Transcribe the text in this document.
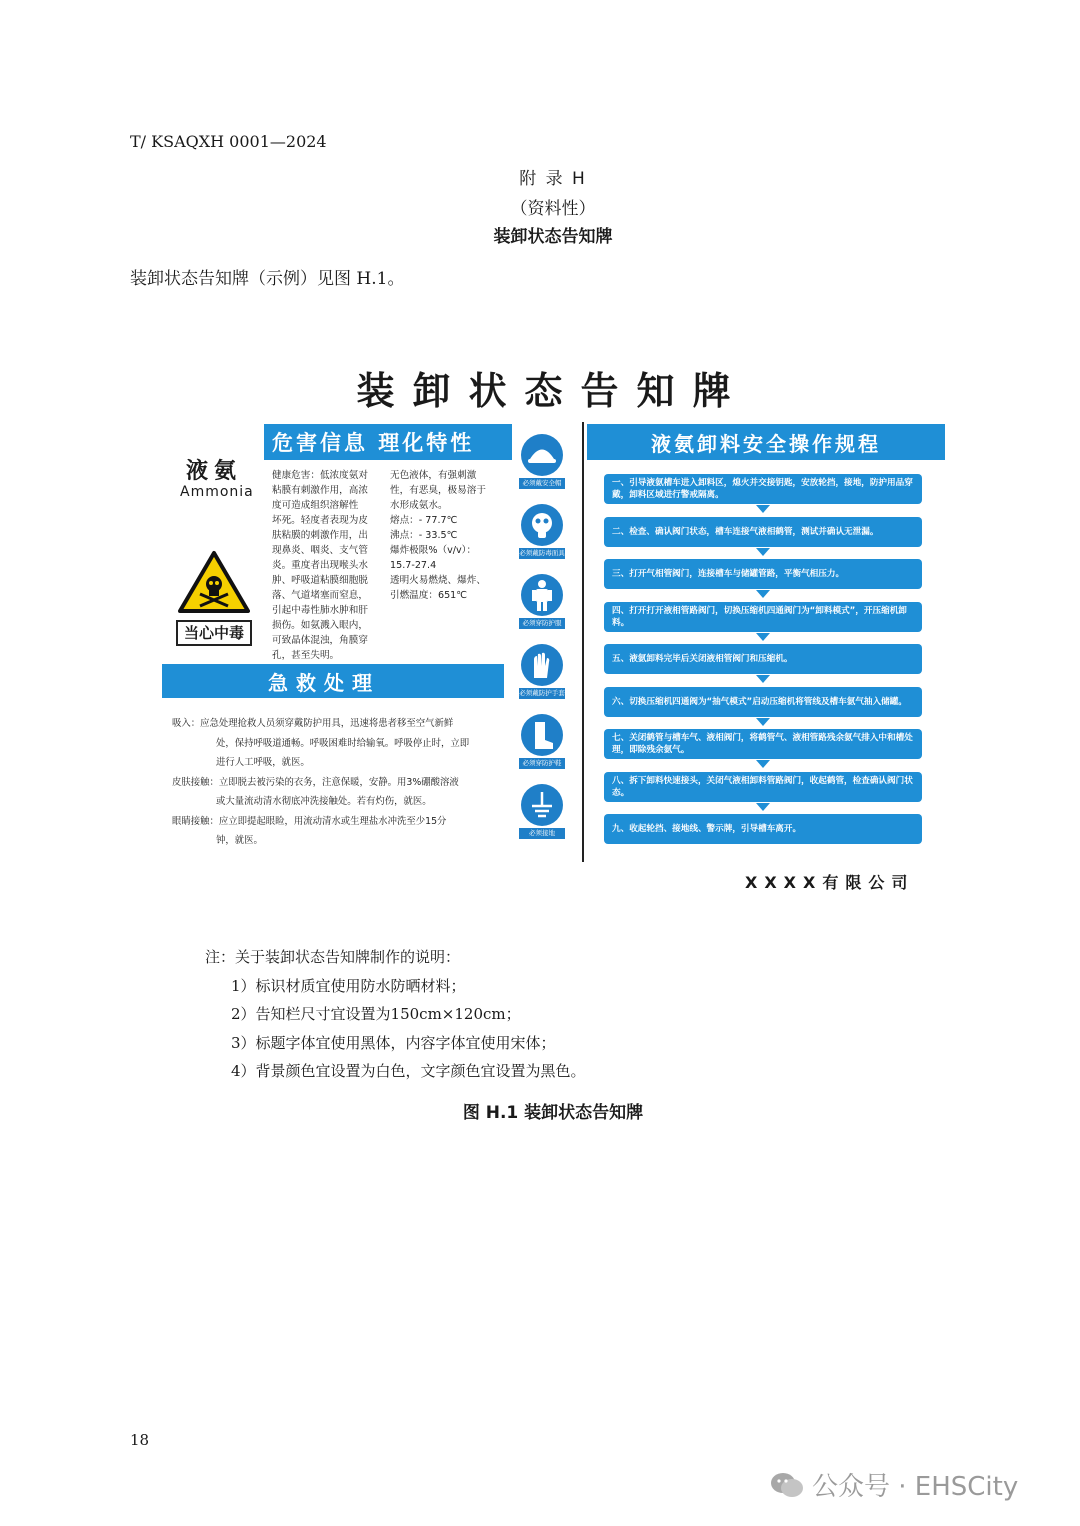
T/ KSAQXH 0001—2024
附 录 H
（资料性）
装卸状态告知牌
装卸状态告知牌（示例）见图 H.1。
装卸状态告知牌
液氨
Ammonia
当心中毒
危害信息 理化特性
健康危害：低浓度氨对
粘膜有刺激作用，高浓
度可造成组织溶解性
坏死。轻度者表现为皮
肤粘膜的刺激作用，出
现鼻炎、咽炎、支气管
炎。重度者出现喉头水
肿、呼吸道粘膜细胞脱
落、气道堵塞而窒息，
引起中毒性肺水肿和肝
损伤。如氨溅入眼内，
可致晶体混浊，角膜穿
孔，甚至失明。
无色液体，有强刺激
性，有恶臭，极易溶于
水形成氨水。
熔点：- 77.7℃
沸点：- 33.5℃
爆炸极限%（v/v）：
15.7-27.4
透明火易燃烧、爆炸、
引燃温度：651℃
急救处理
吸入：应急处理抢救人员须穿戴防护用具，迅速将患者移至空气新鲜
处，保持呼吸道通畅。呼吸困难时给输氧。呼吸停止时，立即
进行人工呼吸，就医。
皮肤接触：立即脱去被污染的衣务，注意保暖，安静。用3%硼酸溶液
或大量流动清水彻底冲洗接触处。若有灼伤，就医。
眼睛接触：应立即提起眼睑，用流动清水或生理盐水冲洗至少15分
钟，就医。
必须戴安全帽
必须戴防毒面具
必须穿防护服
必须戴防护手套
必须穿防护鞋
必须接地
液氨卸料安全操作规程
一、引导液氨槽车进入卸料区，熄火并交接钥匙，安放轮挡，接地，防护用品穿戴，卸料区域进行警戒隔离。
二、检查、确认阀门状态，槽车连接气液相鹤管，测试并确认无泄漏。
三、打开气相管阀门，连接槽车与储罐管路，平衡气相压力。
四、打开打开液相管路阀门，切换压缩机四通阀门为“卸料模式”，开压缩机卸料。
五、液氨卸料完毕后关闭液相管阀门和压缩机。
六、切换压缩机四通阀为“抽气模式”启动压缩机将管线及槽车氨气抽入储罐。
七、关闭鹤管与槽车气、液相阀门，将鹤管气、液相管路残余氨气排入中和槽处理，即除残余氨气。
八、拆下卸料快速接头，关闭气液相卸料管路阀门，收起鹤管，检查确认阀门状态。
九、收起轮挡、接地线、警示牌，引导槽车离开。
XXXX有限公司
注：关于装卸状态告知牌制作的说明：
1）标识材质宜使用防水防晒材料；
2）告知栏尺寸宜设置为150cm×120cm；
3）标题字体宜使用黑体，内容字体宜使用宋体；
4）背景颜色宜设置为白色，文字颜色宜设置为黑色。
图 H.1 装卸状态告知牌
18
公众号 · EHSCity
